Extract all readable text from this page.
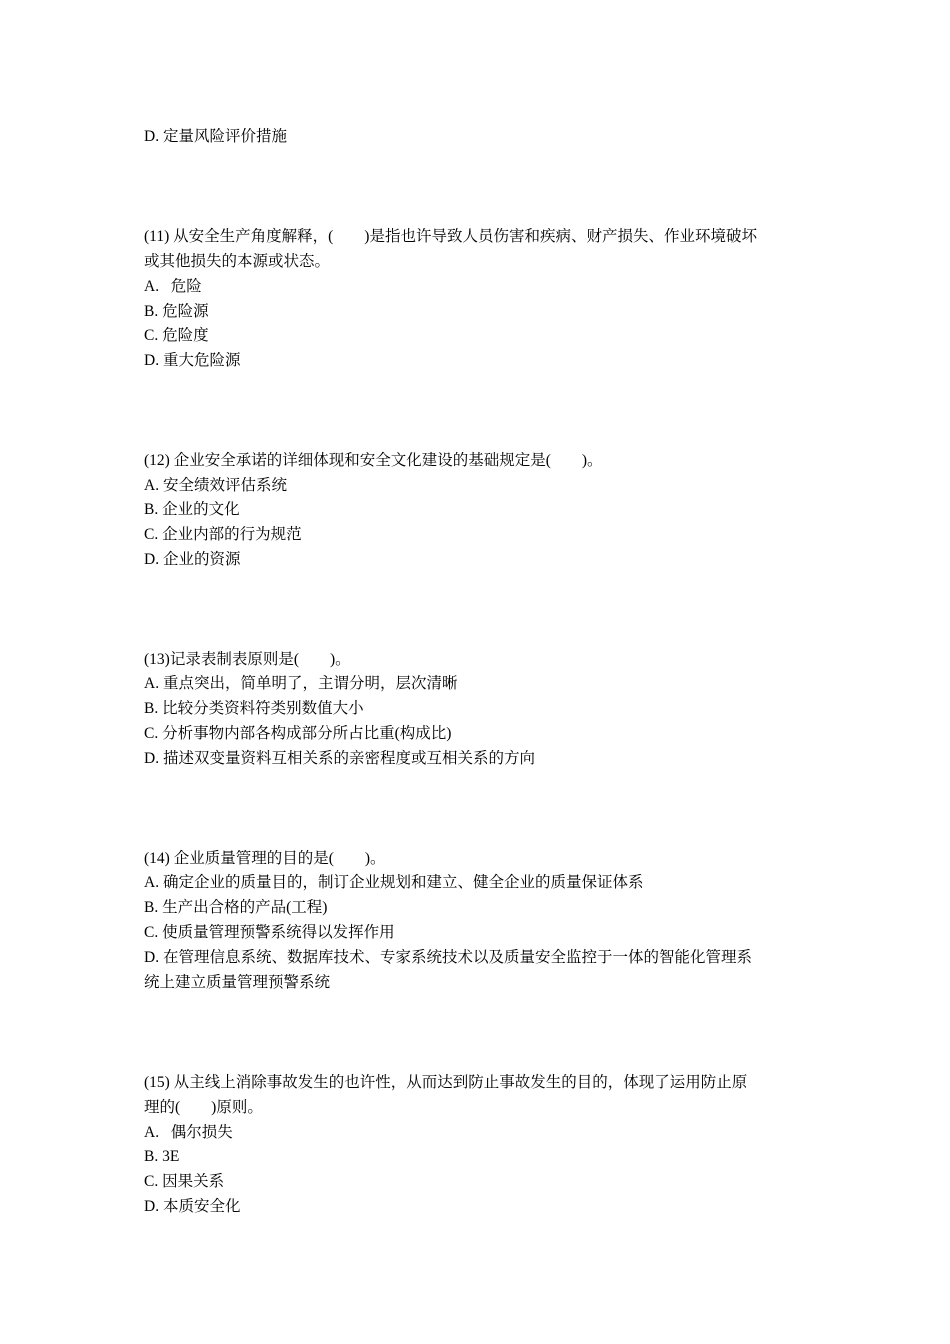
D. 定量风险评价措施
(11) 从安全生产角度解释，(        )是指也许导致人员伤害和疾病、财产损失、作业环境破坏
或其他损失的本源或状态。
A.   危险
B. 危险源
C. 危险度
D. 重大危险源
(12) 企业安全承诺的详细体现和安全文化建设的基础规定是(        )。
A. 安全绩效评估系统
B. 企业的文化
C. 企业内部的行为规范
D. 企业的资源
(13)记录表制表原则是(        )。
A. 重点突出，简单明了，主谓分明，层次清晰
B. 比较分类资料符类别数值大小
C. 分析事物内部各构成部分所占比重(构成比)
D. 描述双变量资料互相关系的亲密程度或互相关系的方向
(14) 企业质量管理的目的是(        )。
A. 确定企业的质量目的，制订企业规划和建立、健全企业的质量保证体系
B. 生产出合格的产品(工程)
C. 使质量管理预警系统得以发挥作用
D. 在管理信息系统、数据库技术、专家系统技术以及质量安全监控于一体的智能化管理系
统上建立质量管理预警系统
(15) 从主线上消除事故发生的也许性，从而达到防止事故发生的目的，体现了运用防止原
理的(        )原则。
A.   偶尔损失
B. 3E
C. 因果关系
D. 本质安全化
